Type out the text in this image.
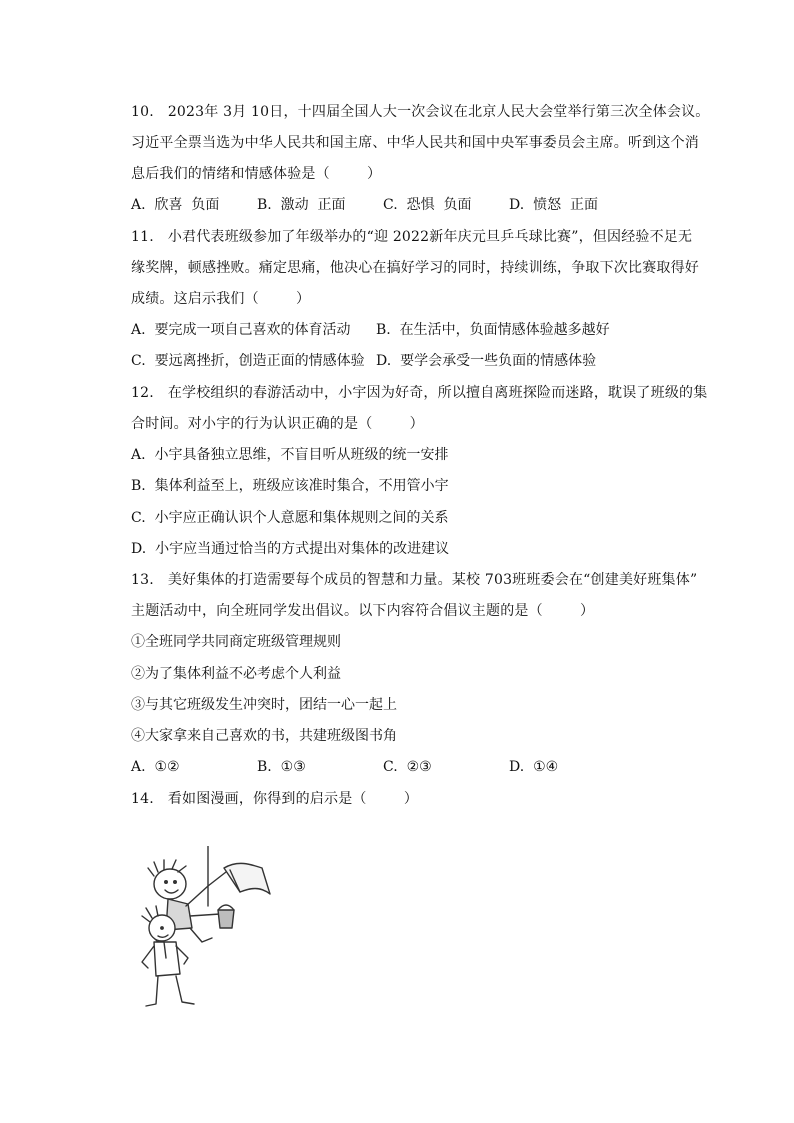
10.   2023年 3月 10日，十四届全国人大一次会议在北京人民大会堂举行第三次全体会议。
习近平全票当选为中华人民共和国主席、中华人民共和国中央军事委员会主席。听到这个消
息后我们的情绪和情感体验是（        ）
A.  欣喜  负面	B.  激动  正面	C.  恐惧  负面	D.  愤怒  正面
11.   小君代表班级参加了年级举办的“迎 2022新年庆元旦乒乓球比赛”，但因经验不足无
缘奖牌，顿感挫败。痛定思痛，他决心在搞好学习的同时，持续训练，争取下次比赛取得好
成绩。这启示我们（        ）
A.  要完成一项自己喜欢的体育活动 B.  在生活中，负面情感体验越多越好
C.  要远离挫折，创造正面的情感体验 D.  要学会承受一些负面的情感体验
12.   在学校组织的春游活动中，小宇因为好奇，所以擅自离班探险而迷路，耽误了班级的集
合时间。对小宇的行为认识正确的是（        ）
A.  小宇具备独立思维，不盲目听从班级的统一安排
B.  集体利益至上，班级应该准时集合，不用管小宇
C.  小宇应正确认识个人意愿和集体规则之间的关系
D.  小宇应当通过恰当的方式提出对集体的改进建议
13.   美好集体的打造需要每个成员的智慧和力量。某校 703班班委会在“创建美好班集体”
主题活动中，向全班同学发出倡议。以下内容符合倡议主题的是（        ）
①全班同学共同商定班级管理规则
②为了集体利益不必考虑个人利益
③与其它班级发生冲突时，团结一心一起上
④大家拿来自己喜欢的书，共建班级图书角
A.  ①②	B.  ①③	C.  ②③	D.  ①④
14.   看如图漫画，你得到的启示是（        ）
